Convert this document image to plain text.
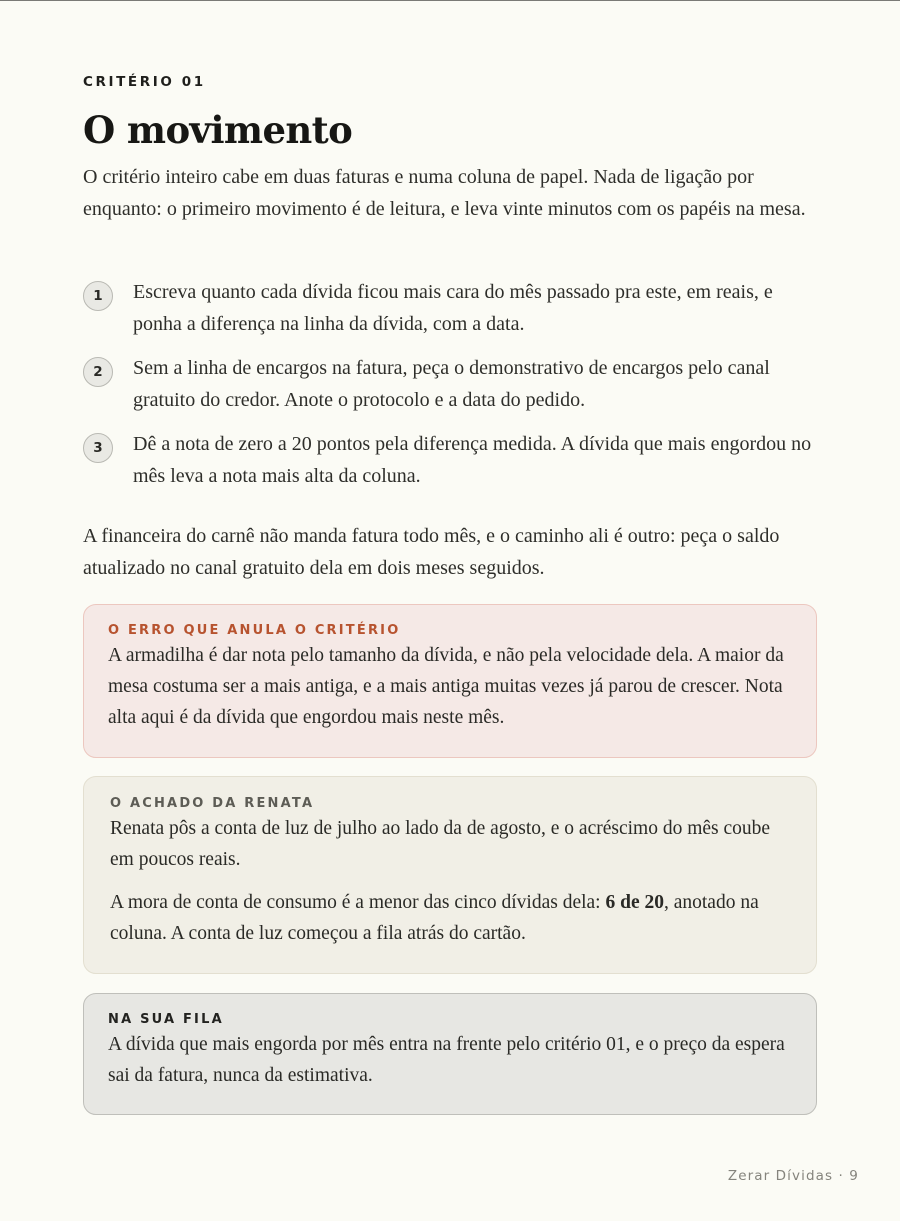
CRITÉRIO 01
O movimento

O critério inteiro cabe em duas faturas e numa coluna de papel. Nada de ligação por enquanto: o primeiro movimento é de leitura, e leva vinte minutos com os papéis na mesa.

1	Escreva quanto cada dívida ficou mais cara do mês passado pra este, em reais, e ponha a diferença na linha da dívida, com a data.
2	Sem a linha de encargos na fatura, peça o demonstrativo de encargos pelo canal gratuito do credor. Anote o protocolo e a data do pedido.
3	Dê a nota de zero a 20 pontos pela diferença medida. A dívida que mais engordou no mês leva a nota mais alta da coluna.

A financeira do carnê não manda fatura todo mês, e o caminho ali é outro: peça o saldo atualizado no canal gratuito dela em dois meses seguidos.

O ERRO QUE ANULA O CRITÉRIO

A armadilha é dar nota pelo tamanho da dívida, e não pela velocidade dela. A maior da mesa costuma ser a mais antiga, e a mais antiga muitas vezes já parou de crescer. Nota alta aqui é da dívida que engordou mais neste mês.

O ACHADO DA RENATA

Renata pôs a conta de luz de julho ao lado da de agosto, e o acréscimo do mês coube em poucos reais.

A mora de conta de consumo é a menor das cinco dívidas dela: 6 de 20, anotado na coluna. A conta de luz começou a fila atrás do cartão.

NA SUA FILA

A dívida que mais engorda por mês entra na frente pelo critério 01, e o preço da espera sai da fatura, nunca da estimativa.

Zerar Dívidas · 9
